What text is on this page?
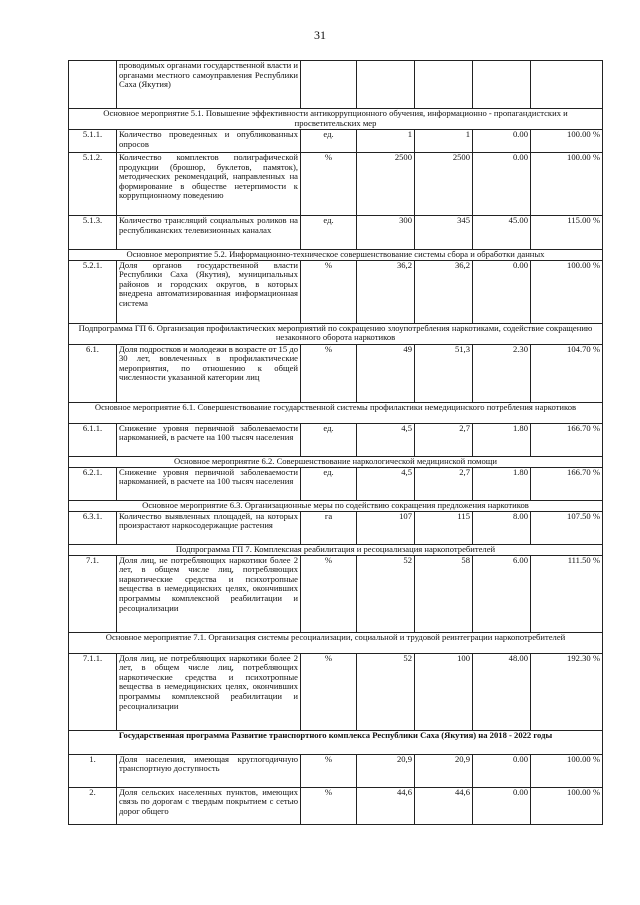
31
	проводимых органами государственной власти и органами местного самоуправления Республики Саха (Якутия)					
Основное мероприятие 5.1. Повышение эффективности антикоррупционного обучения, информационно - пропагандистских и просветительских мер						
5.1.1.	Количество проведенных и опубликованных опросов	ед.	1	1	0.00	100.00 %
5.1.2.	Количество комплектов полиграфической продукции (брошюр, буклетов, памяток), методических рекомендаций, направленных на формирование в обществе нетерпимости к коррупционному поведению	%	2500	2500	0.00	100.00 %
5.1.3.	Количество трансляций социальных роликов на республиканских телевизионных каналах	ед.	300	345	45.00	115.00 %
Основное мероприятие 5.2. Информационно-техническое совершенствование системы сбора и обработки данных						
5.2.1.	Доля органов государственной власти Республики Саха (Якутия), муниципальных районов и городских округов, в которых внедрена автоматизированная информационная система	%	36,2	36,2	0.00	100.00 %
Подпрограмма ГП 6. Организация профилактических мероприятий по сокращению злоупотребления наркотиками, содействие сокращению незаконного оборота наркотиков						
6.1.	Доля подростков и молодежи в возрасте от 15 до 30 лет, вовлеченных в профилактические мероприятия, по отношению к общей численности указанной категории лиц	%	49	51,3	2.30	104.70 %
Основное мероприятие 6.1. Совершенствование государственной системы профилактики немедицинского потребления наркотиков						
6.1.1.	Снижение уровня первичной заболеваемости наркоманией, в расчете на 100 тысяч населения	ед.	4,5	2,7	1.80	166.70 %
Основное мероприятие 6.2. Совершенствование наркологической медицинской помощи						
6.2.1.	Снижение уровня первичной заболеваемости наркоманией, в расчете на 100 тысяч населения	ед.	4,5	2,7	1.80	166.70 %
Основное мероприятие 6.3. Организационные меры по содействию сокращения предложения наркотиков						
6.3.1.	Количество выявленных площадей, на которых произрастают наркосодержащие растения	га	107	115	8.00	107.50 %
Подпрограмма ГП 7. Комплексная реабилитация и ресоциализация наркопотребителей						
7.1.	Доля лиц, не потребляющих наркотики более 2 лет, в общем числе лиц, потребляющих наркотические средства и психотропные вещества в немедицинских целях, окончивших программы комплексной реабилитации и ресоциализации	%	52	58	6.00	111.50 %
Основное мероприятие 7.1. Организация системы ресоциализации, социальной и трудовой реинтеграции наркопотребителей						
7.1.1.	Доля лиц, не потребляющих наркотики более 2 лет, в общем числе лиц, потребляющих наркотические средства и психотропные вещества в немедицинских целях, окончивших программы комплексной реабилитации и ресоциализации	%	52	100	48.00	192.30 %
Государственная программа Развитие транспортного комплекса Республики Саха (Якутия) на 2018 - 2022 годы						
1.	Доля населения, имеющая круглогодичную транспортную доступность	%	20,9	20,9	0.00	100.00 %
2.	Доля сельских населенных пунктов, имеющих связь по дорогам с твердым покрытием с сетью дорог общего	%	44,6	44,6	0.00	100.00 %
